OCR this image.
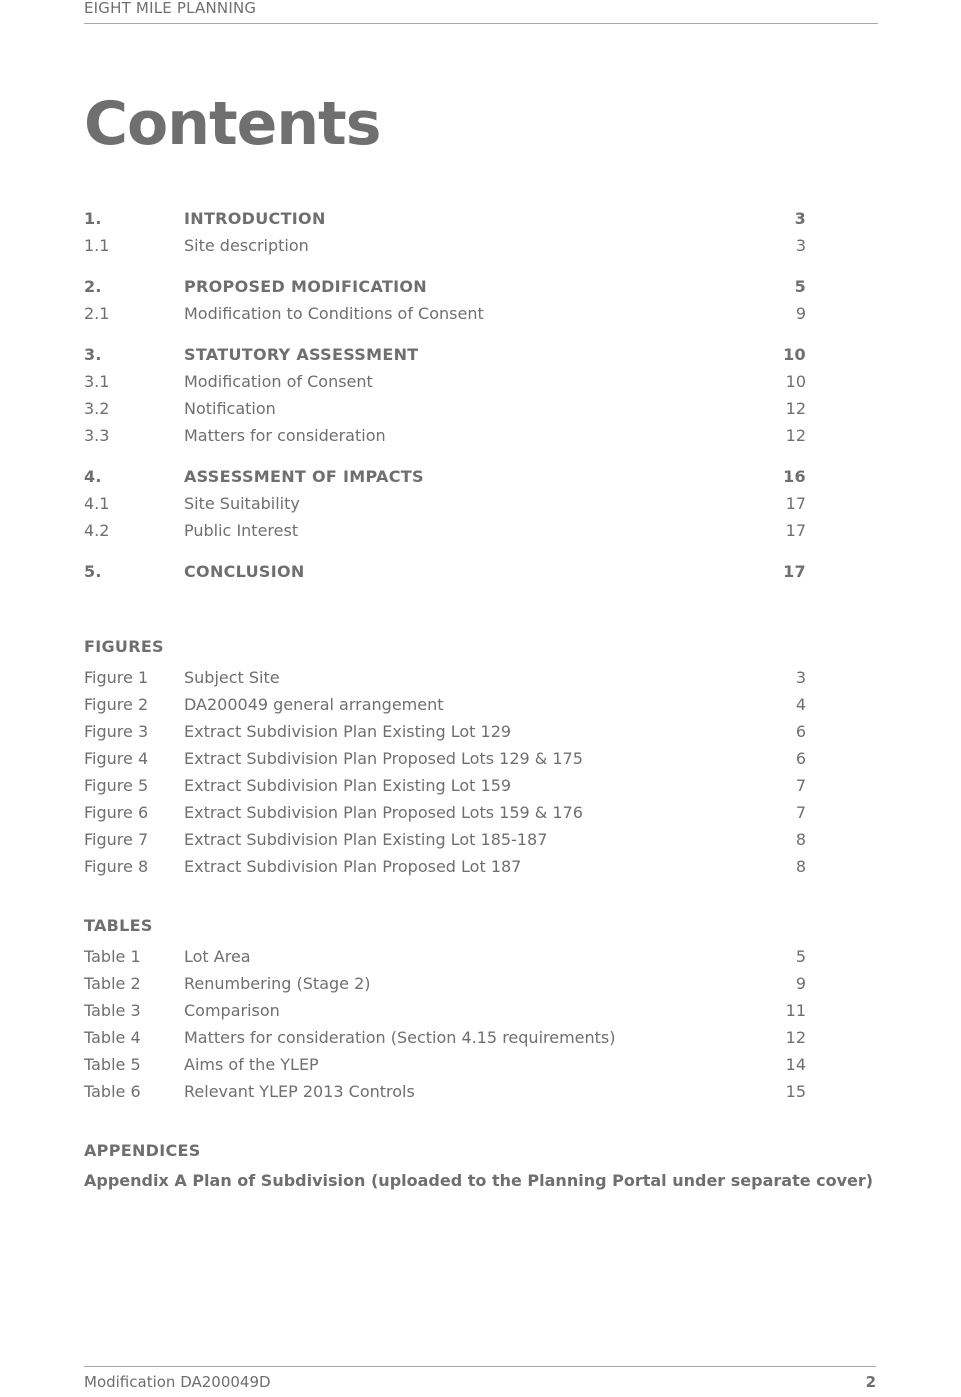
EIGHT MILE PLANNING
Contents
1.	INTRODUCTION	3
1.1	Site description	3
2.	PROPOSED MODIFICATION	5
2.1	Modification to Conditions of Consent	9
3.	STATUTORY ASSESSMENT	10
3.1	Modification of Consent	10
3.2	Notification	12
3.3	Matters for consideration	12
4.	ASSESSMENT OF IMPACTS	16
4.1	Site Suitability	17
4.2	Public Interest	17
5.	CONCLUSION	17
FIGURES
Figure 1 Subject Site	3
Figure 2 DA200049 general arrangement	4
Figure 3 Extract Subdivision Plan Existing Lot 129	6
Figure 4 Extract Subdivision Plan Proposed Lots 129 & 175	6
Figure 5 Extract Subdivision Plan Existing Lot 159	7
Figure 6 Extract Subdivision Plan Proposed Lots 159 & 176	7
Figure 7 Extract Subdivision Plan Existing Lot 185-187	8
Figure 8 Extract Subdivision Plan Proposed Lot 187	8
TABLES
Table 1	Lot Area	5
Table 2	Renumbering (Stage 2)	9
Table 3	Comparison	11
Table 4	Matters for consideration (Section 4.15 requirements)	12
Table 5	Aims of the YLEP	14
Table 6	Relevant YLEP 2013 Controls	15
APPENDICES
Appendix A Plan of Subdivision (uploaded to the Planning Portal under separate cover)
Modification DA200049D	2
